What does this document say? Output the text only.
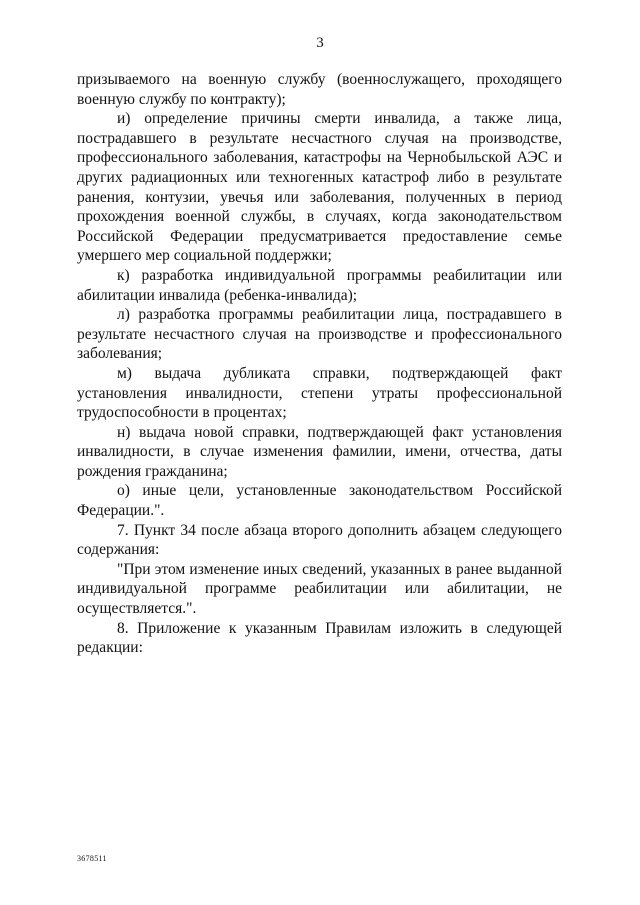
3

призываемого на военную службу (военнослужащего, проходящего военную службу по контракту);

и) определение причины смерти инвалида, а также лица, пострадавшего в результате несчастного случая на производстве, профессионального заболевания, катастрофы на Чернобыльской АЭС и других радиационных или техногенных катастроф либо в результате ранения, контузии, увечья или заболевания, полученных в период прохождения военной службы, в случаях, когда законодательством Российской Федерации предусматривается предоставление семье умершего мер социальной поддержки;

к) разработка индивидуальной программы реабилитации или абилитации инвалида (ребенка-инвалида);

л) разработка программы реабилитации лица, пострадавшего в результате несчастного случая на производстве и профессионального заболевания;

м) выдача дубликата справки, подтверждающей факт установления инвалидности, степени утраты профессиональной трудоспособности в процентах;

н) выдача новой справки, подтверждающей факт установления инвалидности, в случае изменения фамилии, имени, отчества, даты рождения гражданина;

о) иные цели, установленные законодательством Российской Федерации.".

7. Пункт 34 после абзаца второго дополнить абзацем следующего содержания:

"При этом изменение иных сведений, указанных в ранее выданной индивидуальной программе реабилитации или абилитации, не осуществляется.".

8. Приложение к указанным Правилам изложить в следующей редакции:

3678511
